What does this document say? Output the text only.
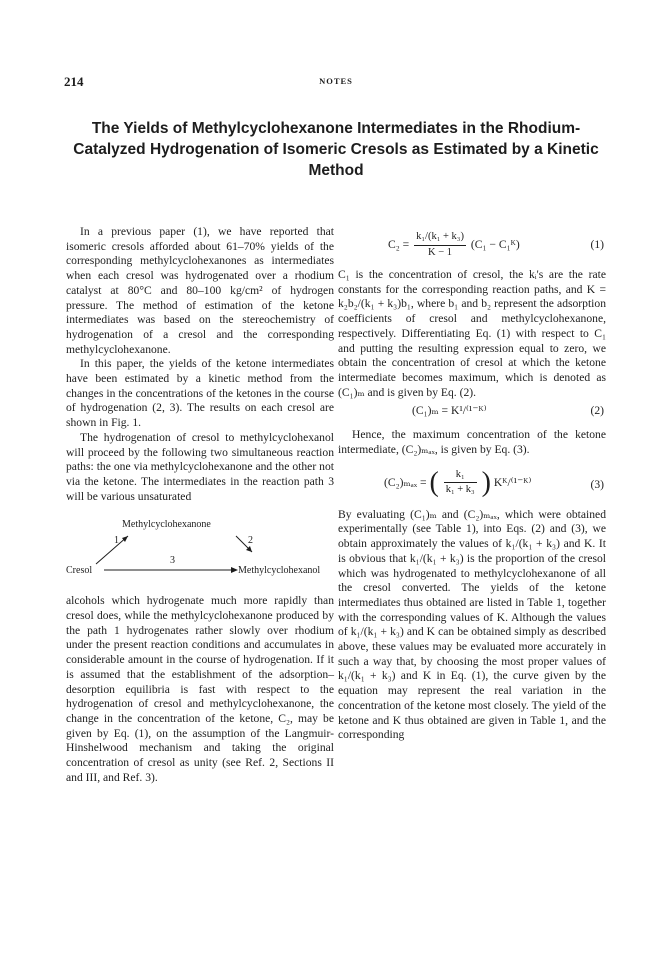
214	NOTES
The Yields of Methylcyclohexanone Intermediates in the Rhodium-Catalyzed Hydrogenation of Isomeric Cresols as Estimated by a Kinetic Method

In a previous paper (1), we have reported that isomeric cresols afforded about 61–70% yields of the corresponding methylcyclohexanones as intermediates when each cresol was hydrogenated over a rhodium catalyst at 80°C and 80–100 kg/cm² of hydrogen pressure. The method of estimation of the ketone intermediates was based on the stereochemistry of hydrogenation of a cresol and the corresponding methylcyclohexanone.

In this paper, the yields of the ketone intermediates have been estimated by a kinetic method from the changes in the concentrations of the ketones in the course of hydrogenation (2, 3). The results on each cresol are shown in Fig. 1.

The hydrogenation of cresol to methylcyclohexanol will proceed by the following two simultaneous reaction paths: the one via methylcyclohexanone and the other not via the ketone. The intermediates in the reaction path 3 will be various unsaturated

Methylcyclohexanone
Cresol	Methylcyclohexanol
1	2
3

alcohols which hydrogenate much more rapidly than cresol does, while the methylcyclohexanone produced by the path 1 hydrogenates rather slowly over rhodium under the present reaction conditions and accumulates in considerable amount in the course of hydrogenation. If it is assumed that the establishment of the adsorption–desorption equilibria is fast with respect to the hydrogenation of cresol and methylcyclohexanone, the change in the concentration of the ketone, C₂, may be given by Eq. (1), on the assumption of the Langmuir-Hinshelwood mechanism and taking the original concentration of cresol as unity (see Ref. 2, Sections II and III, and Ref. 3).

$C_2 = \frac{\text{k₁/(k₁ + k₃)}}{K - 1} (C_1$ − C₁ᴷ)	(1)

C₁ is the concentration of cresol, the kᵢ's are the rate constants for the corresponding reaction paths, and K = k₂b₂/(k₁ + k₃)b₁, where b₁ and b₂ represent the adsorption coefficients of cresol and methylcyclohexanone, respectively. Differentiating Eq. (1) with respect to C₁ and putting the resulting expression equal to zero, we obtain the concentration of cresol at which the ketone intermediate becomes maximum, which is denoted as (C₁)ₘ and is given by Eq. (2).

(C₁)ₘ = K¹/⁽¹⁻ᴷ⁾	(2)

Hence, the maximum concentration of the ketone intermediate, (C₂)ₘₐₓ, is given by Eq. (3).

(C₂)ₘₐₓ = ( $\frac{\text{k₁}}{\text{k₁ + k₃}}$ ) Kᴷ/⁽¹⁻ᴷ⁾	(3)

By evaluating (C₁)ₘ and (C₂)ₘₐₓ, which were obtained experimentally (see Table 1), into Eqs. (2) and (3), we obtain approximately the values of k₁/(k₁ + k₃) and K. It is obvious that k₁/(k₁ + k₃) is the proportion of the cresol which was hydrogenated to methylcyclohexanone of all the cresol converted. The yields of the ketone intermediates thus obtained are listed in Table 1, together with the corresponding values of K. Although the values of k₁/(k₁ + k₃) and K can be obtained simply as described above, these values may be evaluated more accurately in such a way that, by choosing the most proper values of k₁/(k₁ + k₃) and K in Eq. (1), the curve given by the equation may represent the real variation in the concentration of the ketone most closely. The yield of the ketone and K thus obtained are given in Table 1, and the corresponding
